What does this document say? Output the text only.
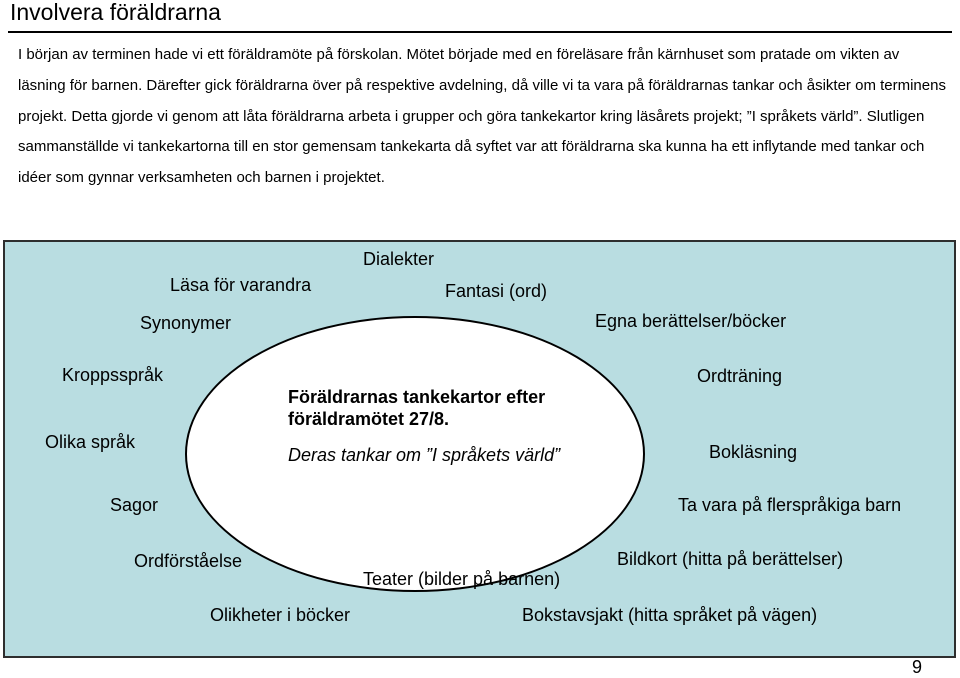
Involvera föräldrarna

I början av terminen hade vi ett föräldramöte på förskolan. Mötet började med en föreläsare från kärnhuset som pratade om vikten av läsning för barnen. Därefter gick föräldrarna över på respektive avdelning, då ville vi ta vara på föräldrarnas tankar och åsikter om terminens projekt. Detta gjorde vi genom att låta föräldrarna arbeta i grupper och göra tankekartor kring läsårets projekt; ”I språkets värld”. Slutligen sammanställde vi tankekartorna till en stor gemensam tankekarta då syftet var att föräldrarna ska kunna ha ett inflytande med tankar och idéer som gynnar verksamheten och barnen i projektet.

Föräldrarnas tankekartor efter föräldramötet 27/8.
Deras tankar om ”I språkets värld”
Dialekter
Läsa för varandra	Fantasi (ord)
Synonymer	Egna berättelser/böcker
Kroppsspråk	Ordträning
Olika språk	Bokläsning
Sagor	Ta vara på flerspråkiga barn
Ordförståelse	Bildkort (hitta på berättelser)
Teater (bilder på barnen)
Olikheter i böcker	Bokstavsjakt (hitta språket på vägen)
9
